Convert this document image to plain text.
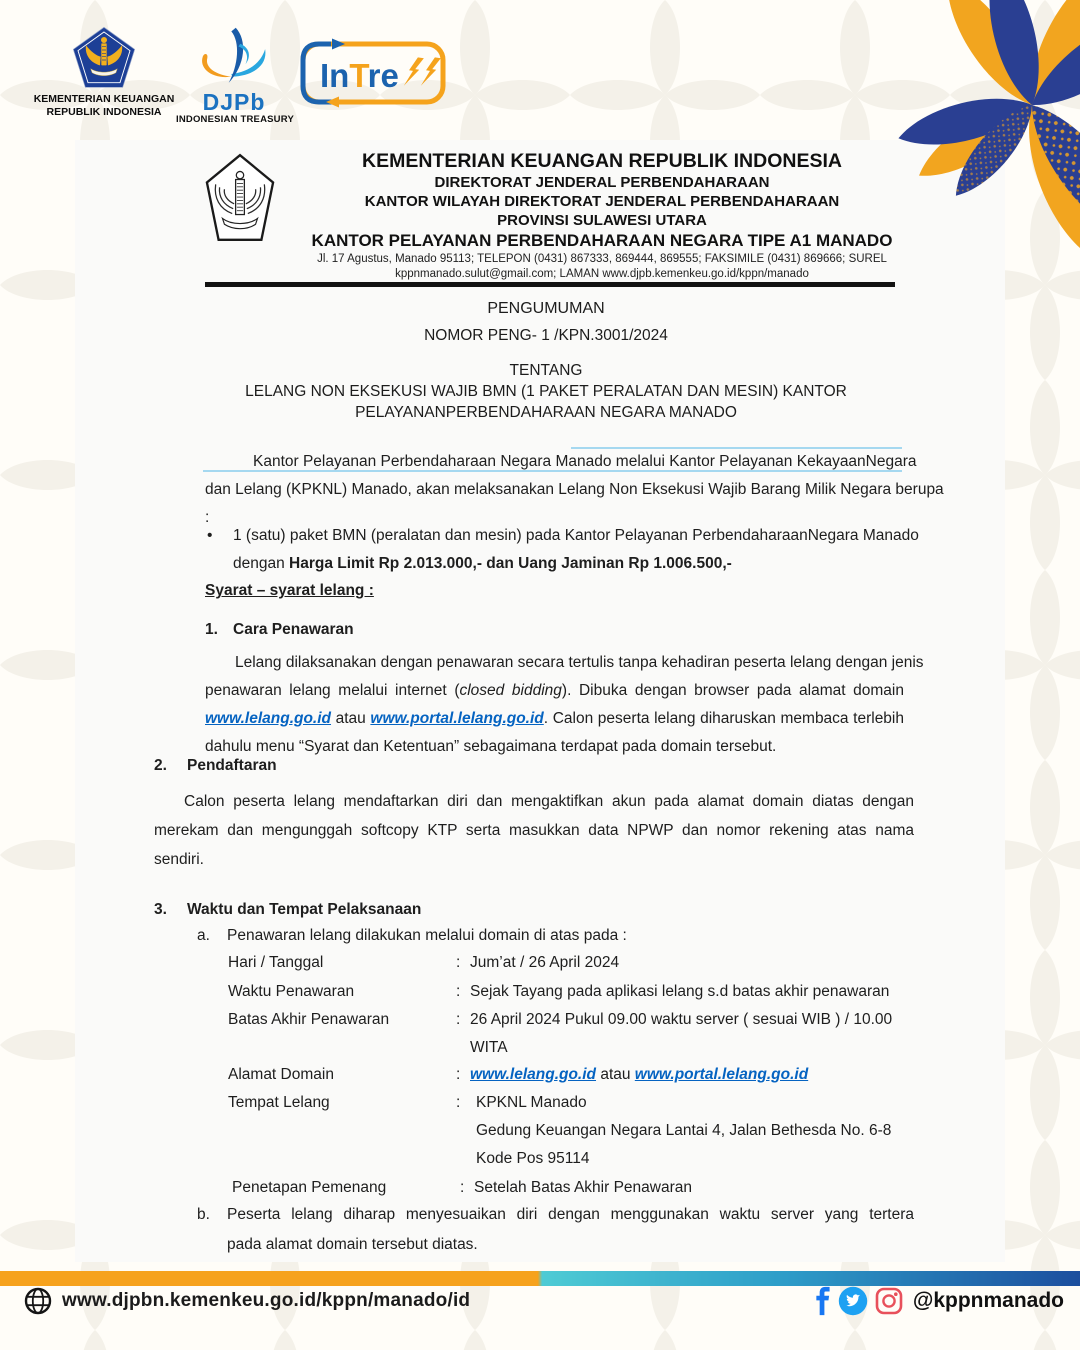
KEMENTERIAN KEUANGAN
REPUBLIK INDONESIA	DJPb
INDONESIAN TREASURY
InTre
KEMENTERIAN KEUANGAN REPUBLIK INDONESIA
DIREKTORAT JENDERAL PERBENDAHARAAN
KANTOR WILAYAH DIREKTORAT JENDERAL PERBENDAHARAAN
PROVINSI SULAWESI UTARA
KANTOR PELAYANAN PERBENDAHARAAN NEGARA TIPE A1 MANADO
Jl. 17 Agustus, Manado 95113; TELEPON (0431) 867333, 869444, 869555; FAKSIMILE (0431) 869666; SUREL
kppnmanado.sulut@gmail.com; LAMAN www.djpb.kemenkeu.go.id/kppn/manado
PENGUMUMAN
NOMOR PENG- 1 /KPN.3001/2024
TENTANG
LELANG NON EKSEKUSI WAJIB BMN (1 PAKET PERALATAN DAN MESIN) KANTOR
PELAYANANPERBENDAHARAAN NEGARA MANADO
Kantor Pelayanan Perbendaharaan Negara Manado melalui Kantor Pelayanan KekayaanNegara
dan Lelang (KPKNL) Manado, akan melaksanakan Lelang Non Eksekusi Wajib Barang Milik Negara berupa
:
• 1 (satu) paket BMN (peralatan dan mesin) pada Kantor Pelayanan PerbendaharaanNegara Manado
dengan Harga Limit Rp 2.013.000,- dan Uang Jaminan Rp 1.006.500,-
Syarat – syarat lelang :
1. Cara Penawaran
Lelang dilaksanakan dengan penawaran secara tertulis tanpa kehadiran peserta lelang dengan jenis
penawaran lelang melalui internet (closed bidding). Dibuka dengan browser pada alamat domain
www.lelang.go.id atau www.portal.lelang.go.id. Calon peserta lelang diharuskan membaca terlebih
dahulu menu “Syarat dan Ketentuan” sebagaimana terdapat pada domain tersebut.
2.	Pendaftaran
Calon peserta lelang mendaftarkan diri dan mengaktifkan akun pada alamat domain diatas dengan
merekam dan mengunggah softcopy KTP serta masukkan data NPWP dan nomor rekening atas nama
sendiri.
3.	Waktu dan Tempat Pelaksanaan
a.	Penawaran lelang dilakukan melalui domain di atas pada :
Hari / Tanggal	: Jum’at / 26 April 2024
Waktu Penawaran	: Sejak Tayang pada aplikasi lelang s.d batas akhir penawaran
Batas Akhir Penawaran	: 26 April 2024 Pukul 09.00 waktu server ( sesuai WIB ) / 10.00
WITA
Alamat Domain	: www.lelang.go.id atau www.portal.lelang.go.id
Tempat Lelang	:	KPKNL Manado
Gedung Keuangan Negara Lantai 4, Jalan Bethesda No. 6-8
Kode Pos 95114
Penetapan Pemenang	: Setelah Batas Akhir Penawaran
b.	Peserta lelang diharap menyesuaikan diri dengan menggunakan waktu server yang tertera
pada alamat domain tersebut diatas.
www.djpbn.kemenkeu.go.id/kppn/manado/id	@kppnmanado
